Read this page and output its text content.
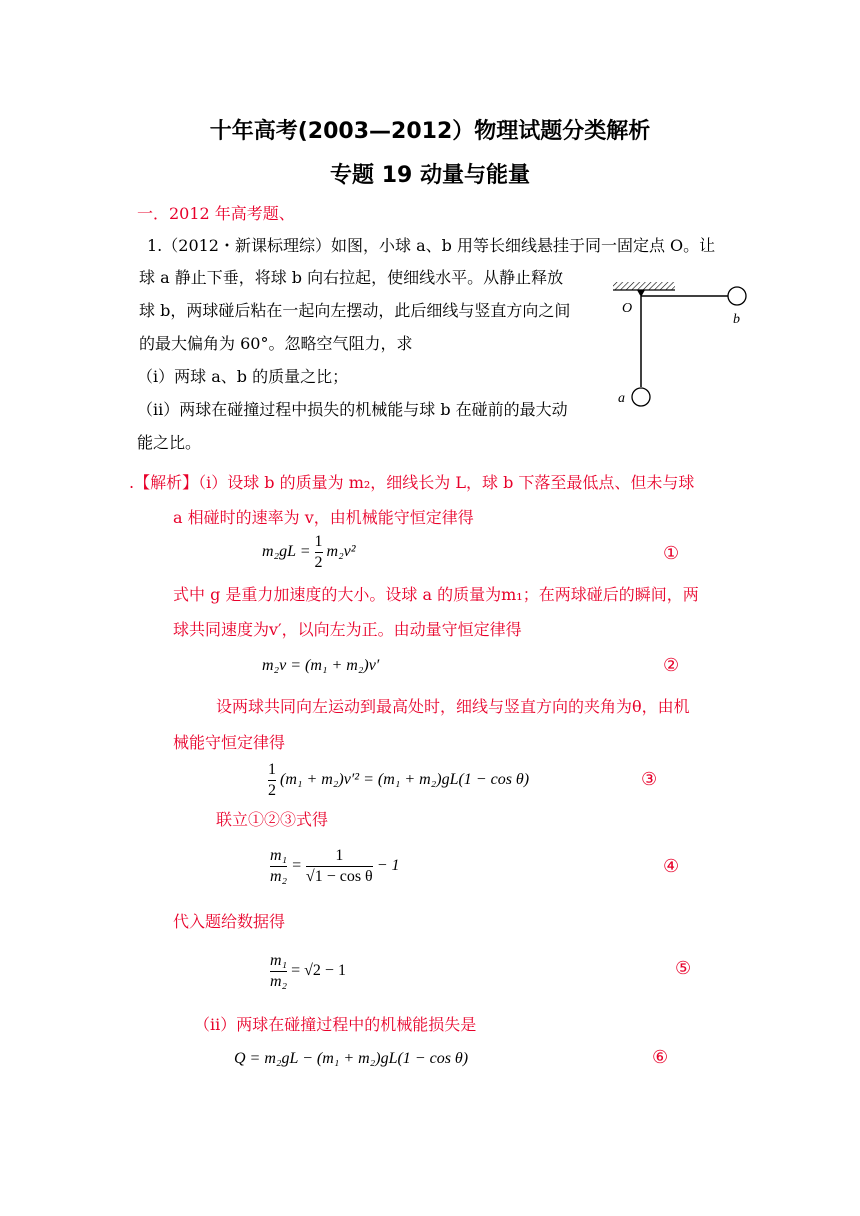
十年高考(2003—2012）物理试题分类解析
专题 19 动量与能量
一．2012 年高考题、
1.（2012・新课标理综）如图，小球 a、b 用等长细线悬挂于同一固定点 O。让
球 a 静止下垂，将球 b 向右拉起，使细线水平。从静止释放
球 b，两球碰后粘在一起向左摆动，此后细线与竖直方向之间
的最大偏角为 60°。忽略空气阻力，求
（i）两球 a、b 的质量之比；
（ii）两球在碰撞过程中损失的机械能与球 b 在碰前的最大动
能之比。
O
b
a
.【解析】（i）设球 b 的质量为 m₂，细线长为 L，球 b 下落至最低点、但未与球
a 相碰时的速率为 v，由机械能守恒定律得
$m_2gL = \frac{1}{2} m_2v^2$	①
式中 g 是重力加速度的大小。设球 a 的质量为m₁；在两球碰后的瞬间，两
球共同速度为v′，以向左为正。由动量守恒定律得
m₂v = (m₁ + m₂)v′	②
设两球共同向左运动到最高处时，细线与竖直方向的夹角为θ，由机
械能守恒定律得
$\frac{1}{2} (m_1 + m_2)v'^2 = (m_1 + m_2)gL(1 - \cos \theta)$	③
联立①②③式得
$\frac{\text{m₁}}{\text{m₂}} = \frac{1}{\text{√1 − cos θ}} - 1$	④
代入题给数据得
$\frac{\text{m₁}}{\text{m₂}} = √2 - 1$	⑤
（ii）两球在碰撞过程中的机械能损失是
Q = m₂gL − (m₁ + m₂)gL(1 − cos θ)	⑥
